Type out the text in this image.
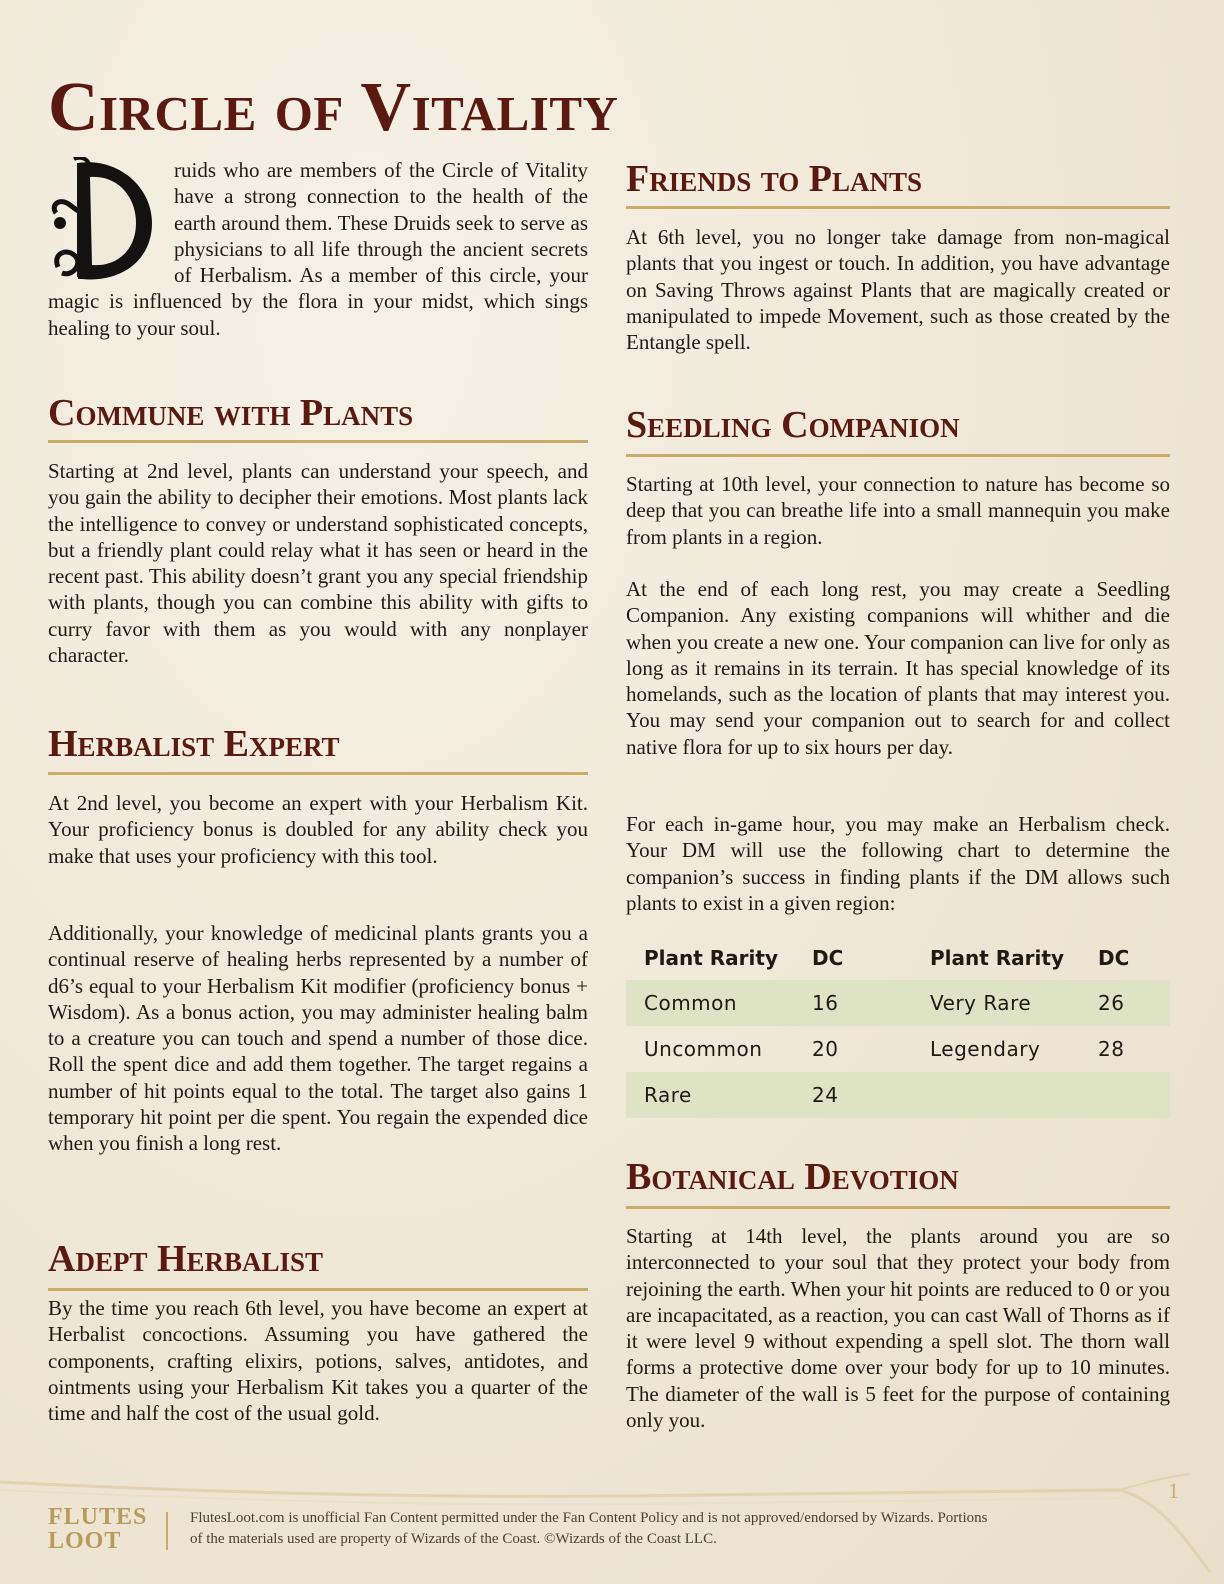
Circle of Vitality

ruids who are members of the Circle of Vitality have a strong connection to the health of the earth around them. These Druids seek to serve as physicians to all life through the ancient secrets of Herbalism. As a member of this circle, your magic is influenced by the flora in your midst, which sings healing to your soul.

Commune with Plants

Starting at 2nd level, plants can understand your speech, and you gain the ability to decipher their emotions. Most plants lack the intelligence to convey or understand sophisticated concepts, but a friendly plant could relay what it has seen or heard in the recent past. This ability doesn’t grant you any special friendship with plants, though you can combine this ability with gifts to curry favor with them as you would with any nonplayer character.

Herbalist Expert

At 2nd level, you become an expert with your Herbalism Kit. Your proficiency bonus is doubled for any ability check you make that uses your proficiency with this tool.

Additionally, your knowledge of medicinal plants grants you a continual reserve of healing herbs represented by a number of d6’s equal to your Herbalism Kit modifier (proficiency bonus + Wisdom). As a bonus action, you may administer healing balm to a creature you can touch and spend a number of those dice. Roll the spent dice and add them together. The target regains a number of hit points equal to the total. The target also gains 1 temporary hit point per die spent. You regain the expended dice when you finish a long rest.

Adept Herbalist

By the time you reach 6th level, you have become an expert at Herbalist concoctions. Assuming you have gathered the components, crafting elixirs, potions, salves, antidotes, and ointments using your Herbalism Kit takes you a quarter of the time and half the cost of the usual gold.

Friends to Plants

At 6th level, you no longer take damage from non-magical plants that you ingest or touch. In addition, you have advantage on Saving Throws against Plants that are magically created or manipulated to impede Movement, such as those created by the Entangle spell.

Seedling Companion

Starting at 10th level, your connection to nature has become so deep that you can breathe life into a small mannequin you make from plants in a region.

At the end of each long rest, you may create a Seedling Companion. Any existing companions will whither and die when you create a new one. Your companion can live for only as long as it remains in its terrain. It has special knowledge of its homelands, such as the location of plants that may interest you. You may send your companion out to search for and collect native flora for up to six hours per day.

For each in-game hour, you may make an Herbalism check. Your DM will use the following chart to determine the companion’s success in finding plants if the DM allows such plants to exist in a given region:

Plant Rarity	DC	Plant Rarity	DC
Common	16	Very Rare	26
Uncommon	20	Legendary	28
Rare	24		
Botanical Devotion

Starting at 14th level, the plants around you are so interconnected to your soul that they protect your body from rejoining the earth. When your hit points are reduced to 0 or you are incapacitated, as a reaction, you can cast Wall of Thorns as if it were level 9 without expending a spell slot. The thorn wall forms a protective dome over your body for up to 10 minutes. The diameter of the wall is 5 feet for the purpose of containing only you.

1
FLUTES
LOOT

FlutesLoot.com is unofficial Fan Content permitted under the Fan Content Policy and is not approved/endorsed by Wizards. Portions of the materials used are property of Wizards of the Coast. ©Wizards of the Coast LLC.
